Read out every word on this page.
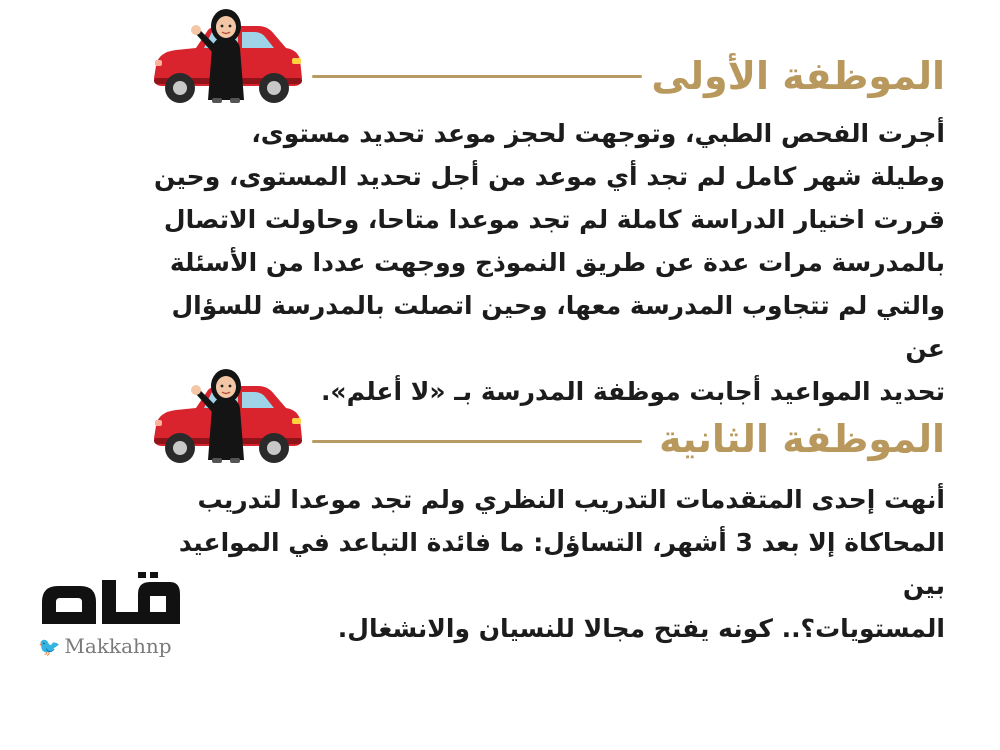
الموظفة الأولى
أجرت الفحص الطبي، وتوجهت لحجز موعد تحديد مستوى،
وطيلة شهر كامل لم تجد أي موعد من أجل تحديد المستوى، وحين
قررت اختيار الدراسة كاملة لم تجد موعدا متاحا، وحاولت الاتصال
بالمدرسة مرات عدة عن طريق النموذج ووجهت عددا من الأسئلة
والتي لم تتجاوب المدرسة معها، وحين اتصلت بالمدرسة للسؤال عن
تحديد المواعيد أجابت موظفة المدرسة بـ «لا أعلم».
الموظفة الثانية
أنهت إحدى المتقدمات التدريب النظري ولم تجد موعدا لتدريب
المحاكاة إلا بعد 3 أشهر، التساؤل: ما فائدة التباعد في المواعيد بين
المستويات؟.. كونه يفتح مجالا للنسيان والانشغال.
🐦 Makkahnp
